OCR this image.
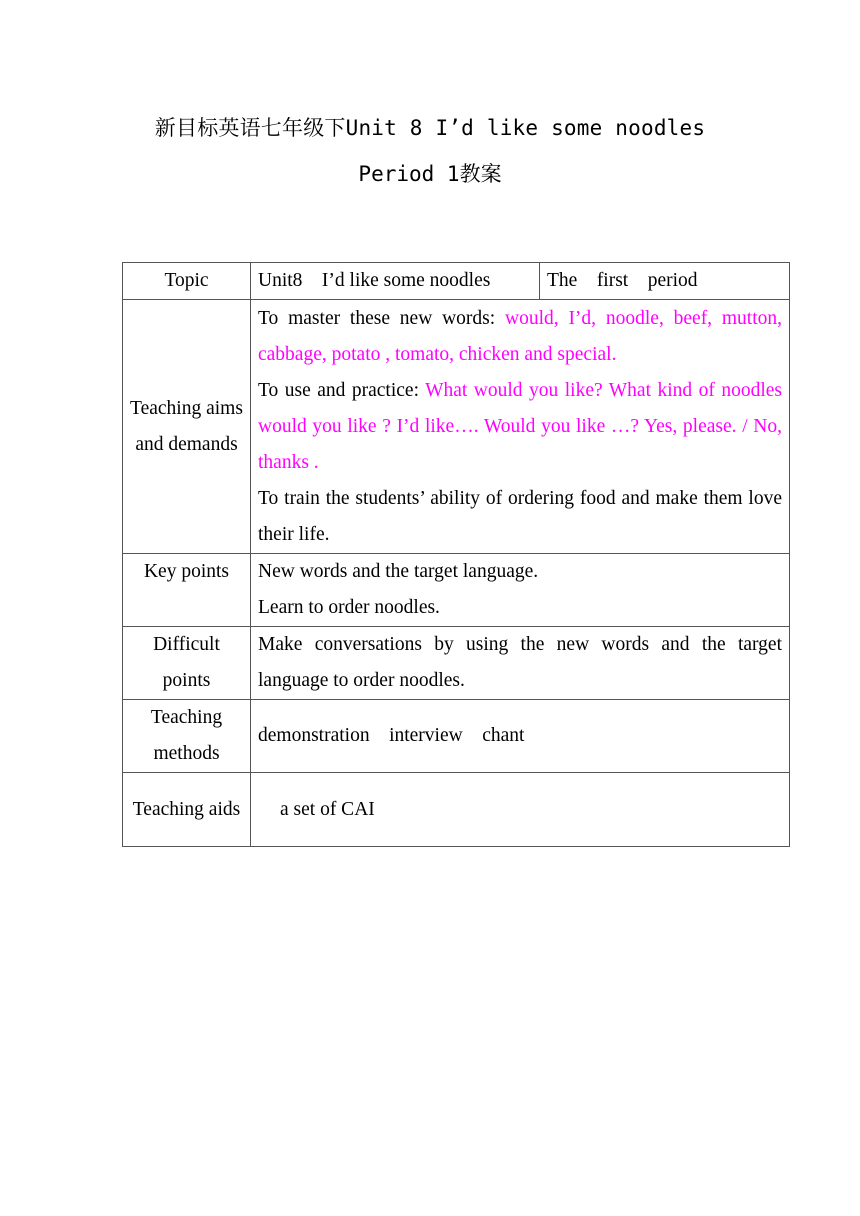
新目标英语七年级下Unit 8 I’d like some noodles
Period 1教案
Topic	Unit8    I’d like some noodles	The    first    period
Teaching aims and demands	To master these new words: would, I’d, noodle, beef, mutton, cabbage, potato , tomato, chicken and special.
To use and practice: What would you like? What kind of noodles    would you like ? I’d like…. Would you like …? Yes, please. / No, thanks .
To train the students’ ability of ordering food and make them love their life.	

Key points	New words and the target language.
Learn to order noodles.	

Difficult points	Make conversations by using the new words and the target language to order noodles.	
Teaching methods	demonstration    interview    chant	
Teaching aids	a set of CAI	
